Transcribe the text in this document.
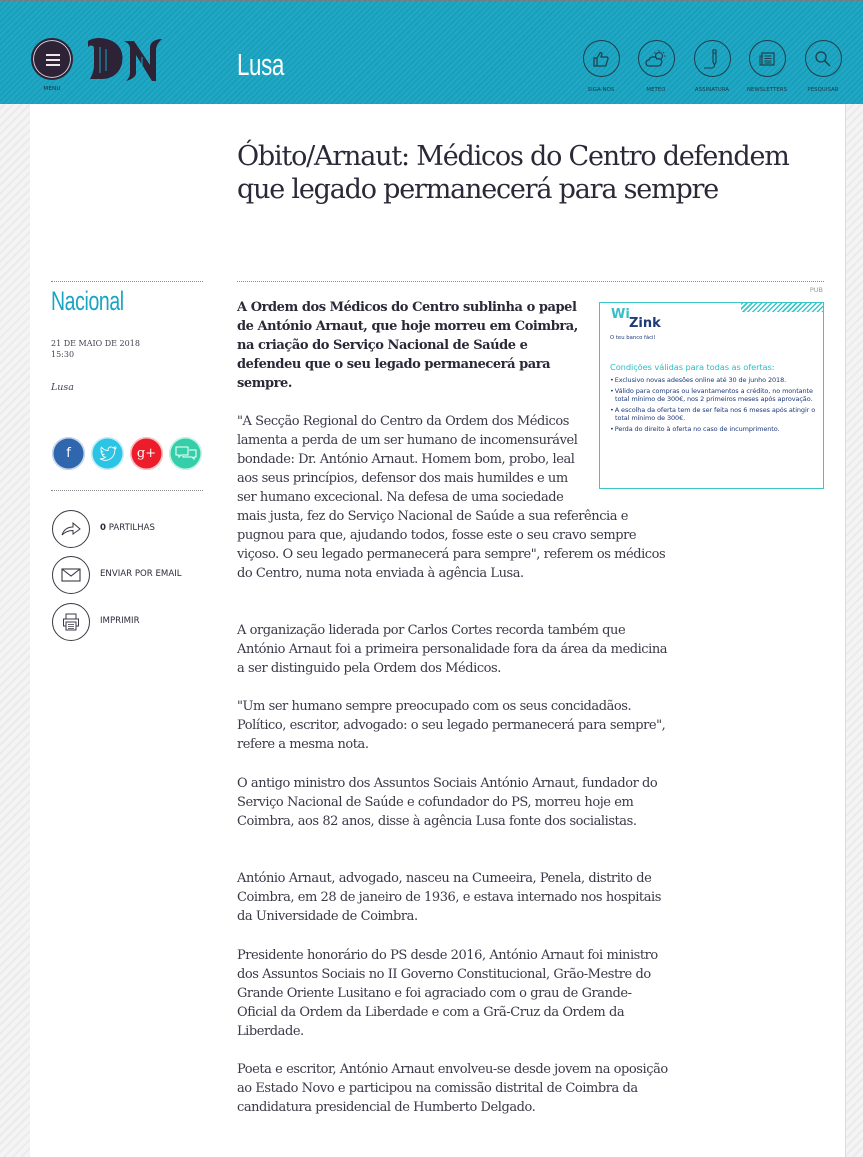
MENU
Lusa
SIGA-NOS	METEO	ASSINATURA	NEWSLETTERS	PESQUISAR
Óbito/Arnaut: Médicos do Centro defendem que legado permanecerá para sempre
Nacional
21 DE MAIO DE 2018
15:30
Lusa
f	g+
0 PARTILHAS
ENVIAR POR EMAIL
IMPRIMIR
PUB
Wi
Zink
O teu banco fácil
Condições válidas para todas as ofertas:
• Exclusivo novas adesões online até 30 de junho 2018.
• Válido para compras ou levantamentos a crédito, no montante total mínimo de 300€, nos 2 primeiros meses após aprovação.
• A escolha da oferta tem de ser feita nos 6 meses após atingir o total mínimo de 300€.
• Perda do direito à oferta no caso de incumprimento.
A Ordem dos Médicos do Centro sublinha o papel de António Arnaut, que hoje morreu em Coimbra, na criação do Serviço Nacional de Saúde e defendeu que o seu legado permanecerá para sempre.

"A Secção Regional do Centro da Ordem dos Médicos lamenta a perda de um ser humano de incomensurável bondade: Dr. António Arnaut. Homem bom, probo, leal aos seus princípios, defensor dos mais humildes e um ser humano excecional. Na defesa de uma sociedade mais justa, fez do Serviço Nacional de Saúde a sua referência e pugnou para que, ajudando todos, fosse este o seu cravo sempre viçoso. O seu legado permanecerá para sempre", referem os médicos do Centro, numa nota enviada à agência Lusa.

A organização liderada por Carlos Cortes recorda também que António Arnaut foi a primeira personalidade fora da área da medicina a ser distinguido pela Ordem dos Médicos.

"Um ser humano sempre preocupado com os seus concidadãos. Político, escritor, advogado: o seu legado permanecerá para sempre", refere a mesma nota.

O antigo ministro dos Assuntos Sociais António Arnaut, fundador do Serviço Nacional de Saúde e cofundador do PS, morreu hoje em Coimbra, aos 82 anos, disse à agência Lusa fonte dos socialistas.

António Arnaut, advogado, nasceu na Cumeeira, Penela, distrito de Coimbra, em 28 de janeiro de 1936, e estava internado nos hospitais da Universidade de Coimbra.

Presidente honorário do PS desde 2016, António Arnaut foi ministro dos Assuntos Sociais no II Governo Constitucional, Grão-Mestre do Grande Oriente Lusitano e foi agraciado com o grau de Grande-Oficial da Ordem da Liberdade e com a Grã-Cruz da Ordem da Liberdade.

Poeta e escritor, António Arnaut envolveu-se desde jovem na oposição ao Estado Novo e participou na comissão distrital de Coimbra da candidatura presidencial de Humberto Delgado.
